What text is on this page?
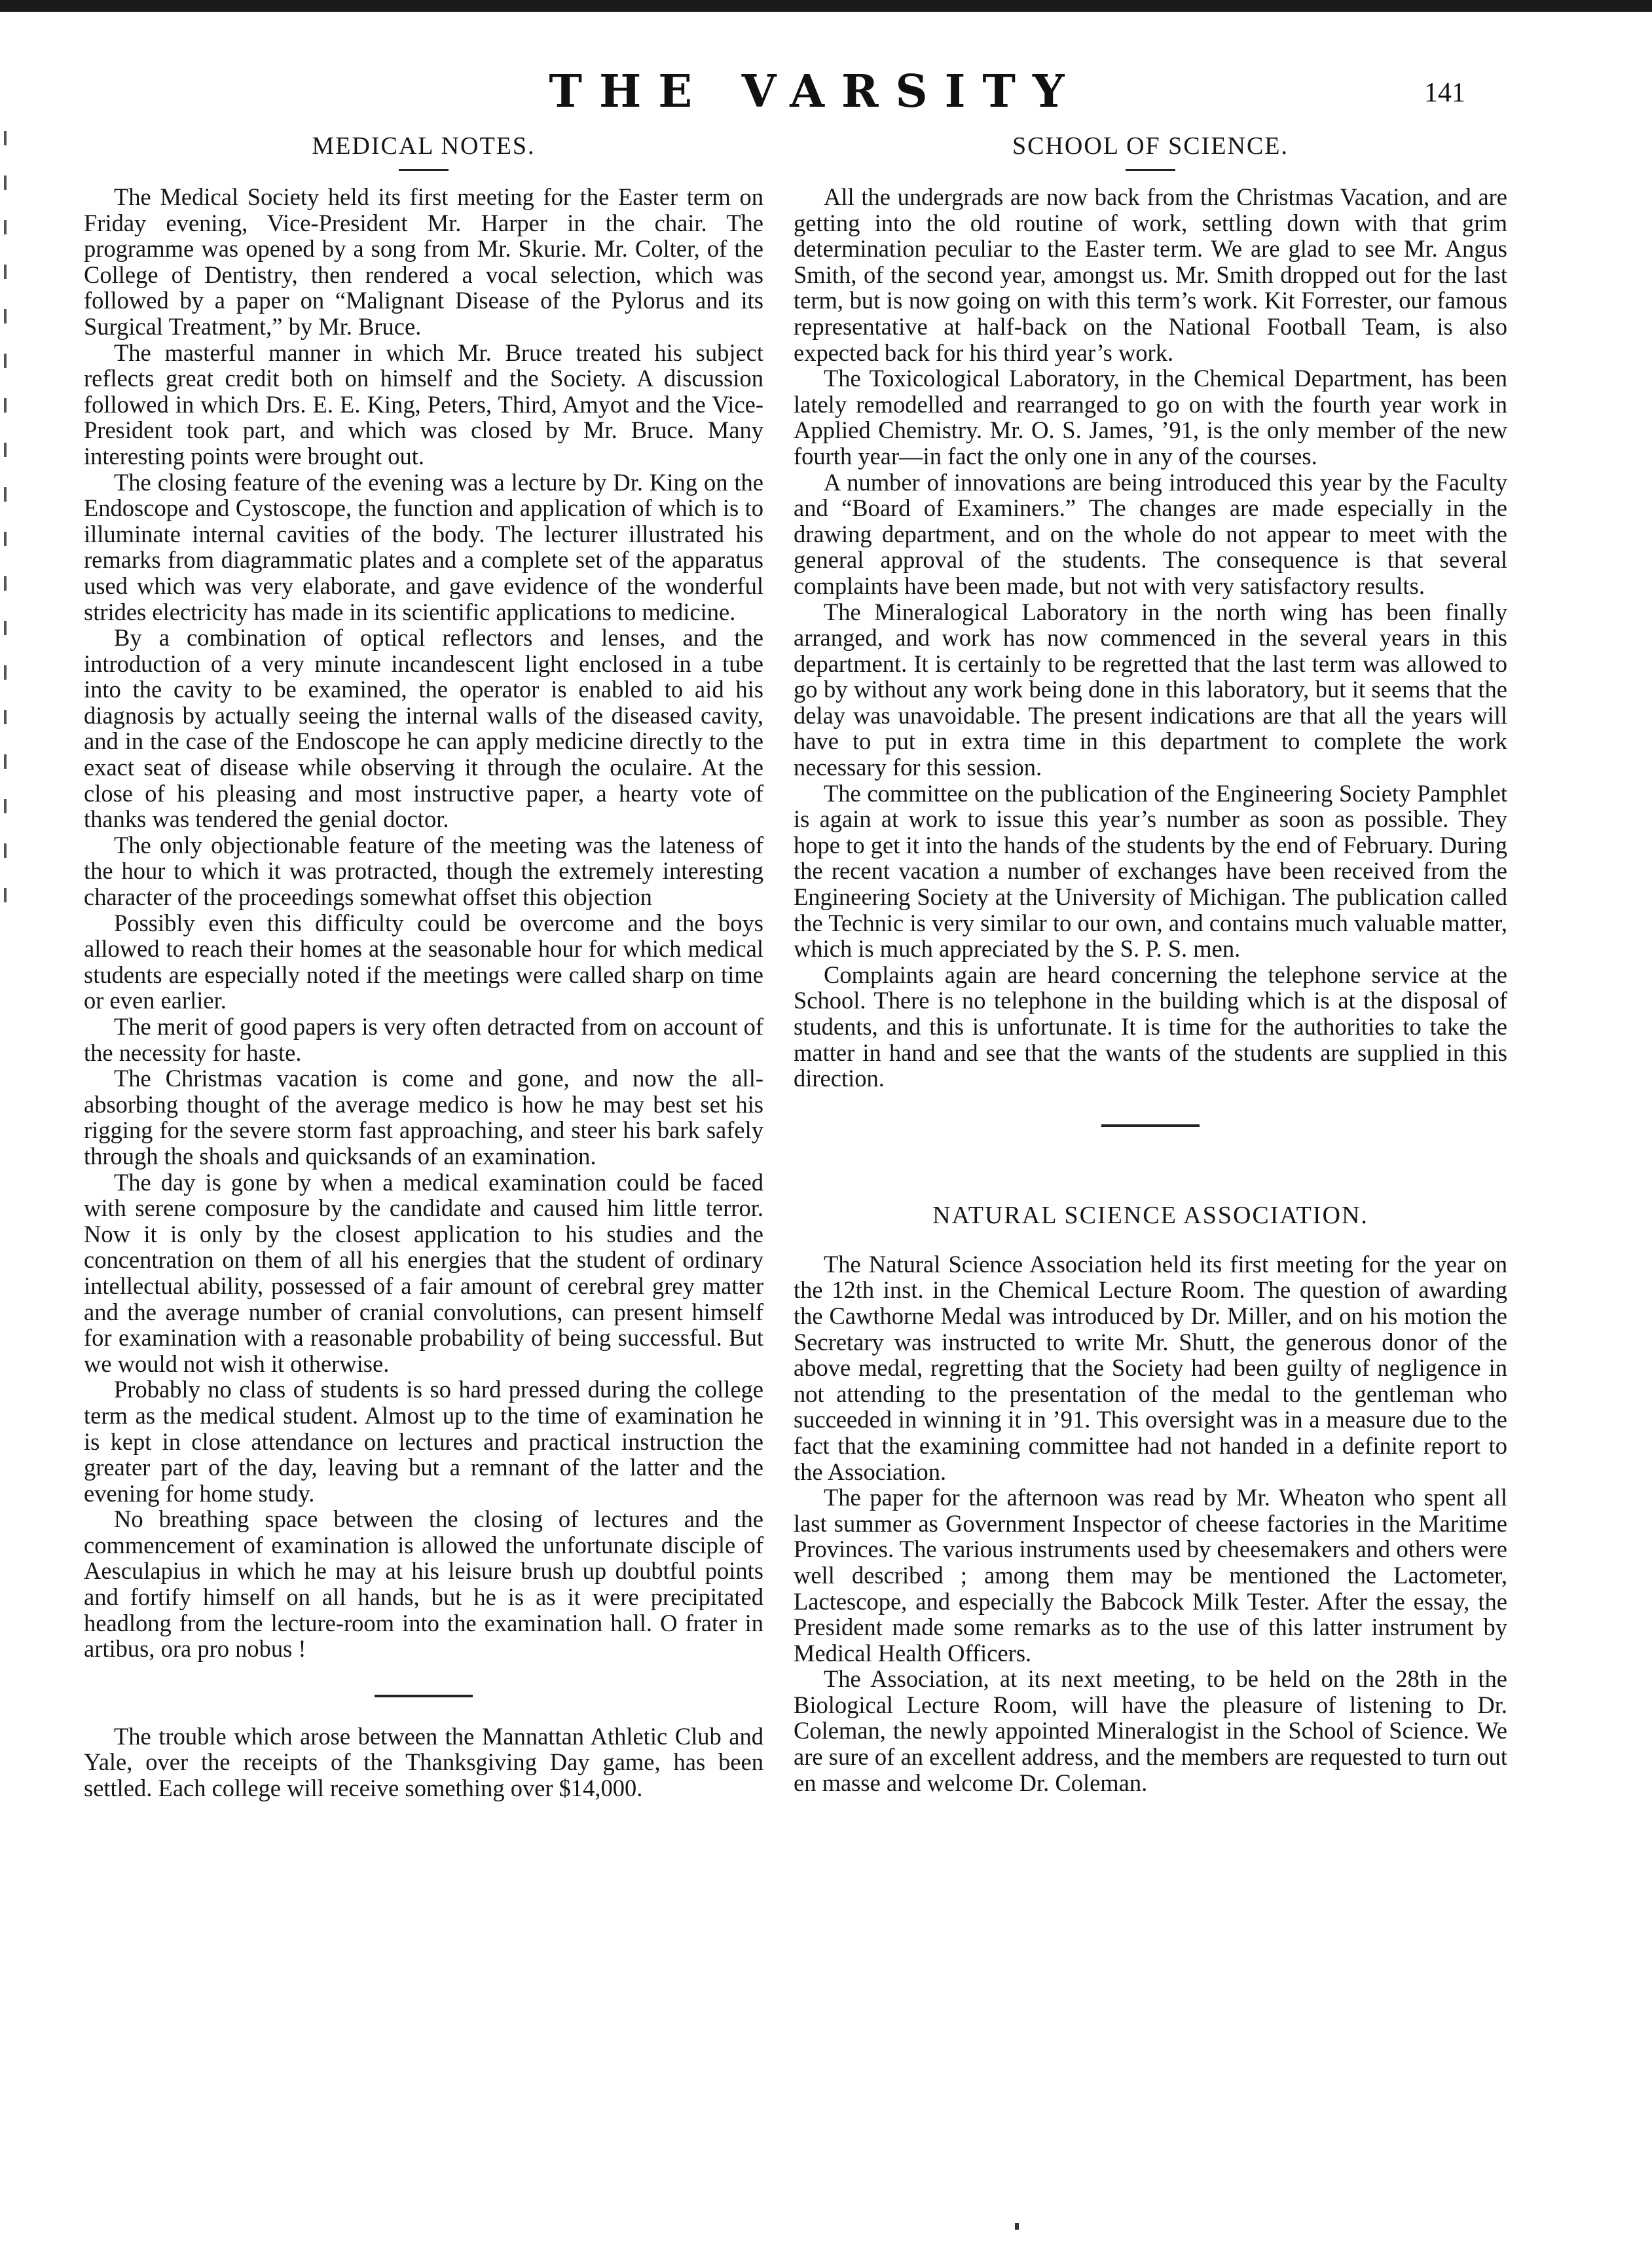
THE VARSITY	141
MEDICAL NOTES.

The Medical Society held its first meeting for the Easter term on Friday evening, Vice-President Mr. Harper in the chair. The programme was opened by a song from Mr. Skurie. Mr. Colter, of the College of Dentistry, then rendered a vocal selection, which was followed by a paper on “Malignant Disease of the Pylorus and its Surgical Treatment,” by Mr. Bruce.

The masterful manner in which Mr. Bruce treated his subject reflects great credit both on himself and the Society. A discussion followed in which Drs. E. E. King, Peters, Third, Amyot and the Vice-President took part, and which was closed by Mr. Bruce. Many interesting points were brought out.

The closing feature of the evening was a lecture by Dr. King on the Endoscope and Cystoscope, the function and application of which is to illuminate internal cavities of the body. The lecturer illustrated his remarks from diagrammatic plates and a complete set of the apparatus used which was very elaborate, and gave evidence of the wonderful strides electricity has made in its scientific applications to medicine.

By a combination of optical reflectors and lenses, and the introduction of a very minute incandescent light enclosed in a tube into the cavity to be examined, the operator is enabled to aid his diagnosis by actually seeing the internal walls of the diseased cavity, and in the case of the Endoscope he can apply medicine directly to the exact seat of disease while observing it through the oculaire. At the close of his pleasing and most instructive paper, a hearty vote of thanks was tendered the genial doctor.

The only objectionable feature of the meeting was the lateness of the hour to which it was protracted, though the extremely interesting character of the proceedings somewhat offset this objection

Possibly even this difficulty could be overcome and the boys allowed to reach their homes at the seasonable hour for which medical students are especially noted if the meetings were called sharp on time or even earlier.

The merit of good papers is very often detracted from on account of the necessity for haste.

The Christmas vacation is come and gone, and now the all-absorbing thought of the average medico is how he may best set his rigging for the severe storm fast approaching, and steer his bark safely through the shoals and quicksands of an examination.

The day is gone by when a medical examination could be faced with serene composure by the candidate and caused him little terror. Now it is only by the closest application to his studies and the concentration on them of all his energies that the student of ordinary intellectual ability, possessed of a fair amount of cerebral grey matter and the average number of cranial convolutions, can present himself for examination with a reasonable probability of being successful. But we would not wish it otherwise.

Probably no class of students is so hard pressed during the college term as the medical student. Almost up to the time of examination he is kept in close attendance on lectures and practical instruction the greater part of the day, leaving but a remnant of the latter and the evening for home study.

No breathing space between the closing of lectures and the commencement of examination is allowed the unfortunate disciple of Aesculapius in which he may at his leisure brush up doubtful points and fortify himself on all hands, but he is as it were precipitated headlong from the lecture-room into the examination hall. O frater in artibus, ora pro nobus !

The trouble which arose between the Mannattan Athletic Club and Yale, over the receipts of the Thanksgiving Day game, has been settled. Each college will receive something over $14,000.

SCHOOL OF SCIENCE.

All the undergrads are now back from the Christmas Vacation, and are getting into the old routine of work, settling down with that grim determination peculiar to the Easter term. We are glad to see Mr. Angus Smith, of the second year, amongst us. Mr. Smith dropped out for the last term, but is now going on with this term’s work. Kit Forrester, our famous representative at half-back on the National Football Team, is also expected back for his third year’s work.

The Toxicological Laboratory, in the Chemical Department, has been lately remodelled and rearranged to go on with the fourth year work in Applied Chemistry. Mr. O. S. James, ’91, is the only member of the new fourth year—in fact the only one in any of the courses.

A number of innovations are being introduced this year by the Faculty and “Board of Examiners.” The changes are made especially in the drawing department, and on the whole do not appear to meet with the general approval of the students. The consequence is that several complaints have been made, but not with very satisfactory results.

The Mineralogical Laboratory in the north wing has been finally arranged, and work has now commenced in the several years in this department. It is certainly to be regretted that the last term was allowed to go by without any work being done in this laboratory, but it seems that the delay was unavoidable. The present indications are that all the years will have to put in extra time in this department to complete the work necessary for this session.

The committee on the publication of the Engineering Society Pamphlet is again at work to issue this year’s number as soon as possible. They hope to get it into the hands of the students by the end of February. During the recent vacation a number of exchanges have been received from the Engineering Society at the University of Michigan. The publication called the Technic is very similar to our own, and contains much valuable matter, which is much appreciated by the S. P. S. men.

Complaints again are heard concerning the telephone service at the School. There is no telephone in the building which is at the disposal of students, and this is unfortunate. It is time for the authorities to take the matter in hand and see that the wants of the students are supplied in this direction.

NATURAL SCIENCE ASSOCIATION.

The Natural Science Association held its first meeting for the year on the 12th inst. in the Chemical Lecture Room. The question of awarding the Cawthorne Medal was introduced by Dr. Miller, and on his motion the Secretary was instructed to write Mr. Shutt, the generous donor of the above medal, regretting that the Society had been guilty of negligence in not attending to the presentation of the medal to the gentleman who succeeded in winning it in ’91. This oversight was in a measure due to the fact that the examining committee had not handed in a definite report to the Association.

The paper for the afternoon was read by Mr. Wheaton who spent all last summer as Government Inspector of cheese factories in the Maritime Provinces. The various instruments used by cheesemakers and others were well described ; among them may be mentioned the Lactometer, Lactescope, and especially the Babcock Milk Tester. After the essay, the President made some remarks as to the use of this latter instrument by Medical Health Officers.

The Association, at its next meeting, to be held on the 28th in the Biological Lecture Room, will have the pleasure of listening to Dr. Coleman, the newly appointed Mineralogist in the School of Science. We are sure of an excellent address, and the members are requested to turn out en masse and welcome Dr. Coleman.
